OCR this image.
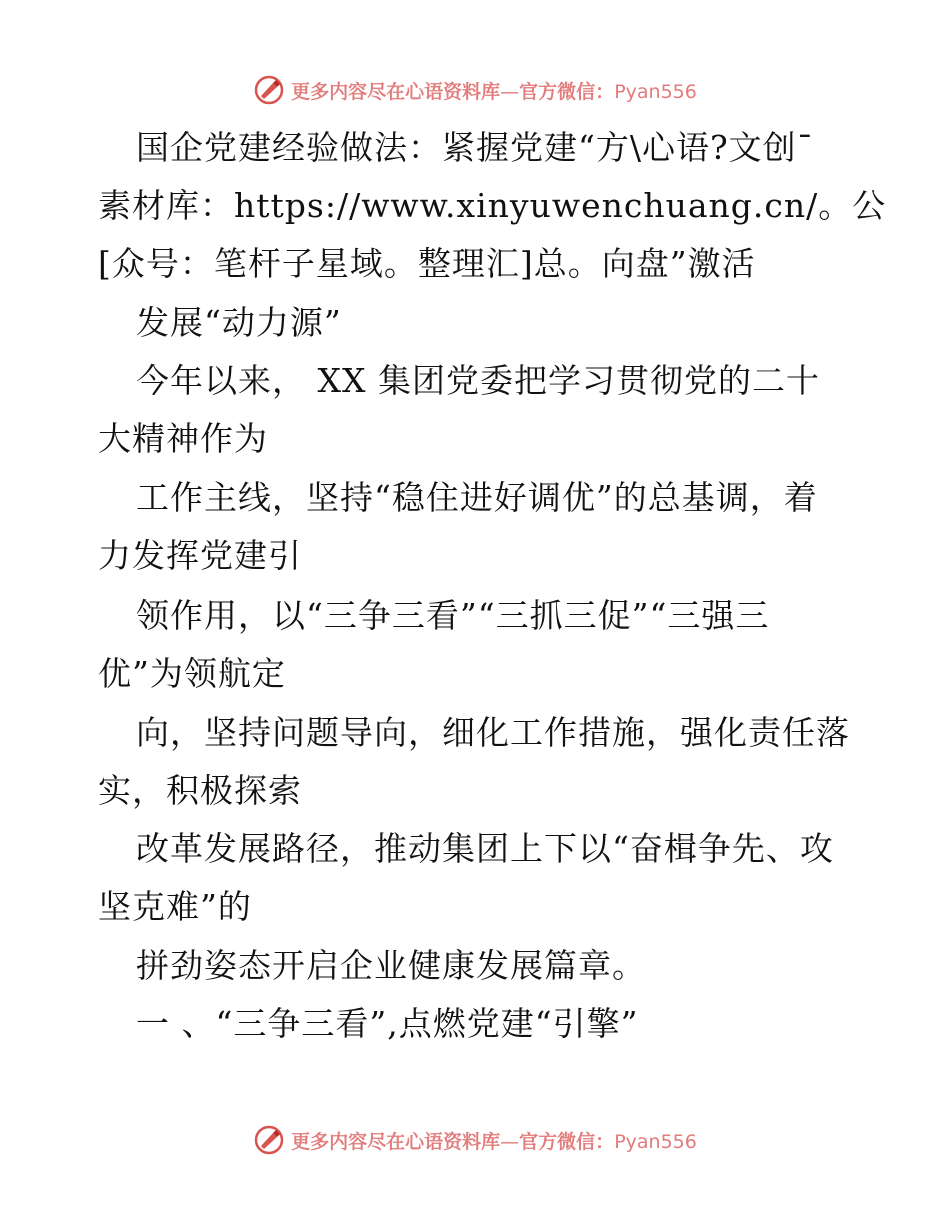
更多内容尽在心语资料库—官方微信：Pyan556
国企党建经验做法：紧握党建“方\心语?文创¯
素材库：https://www.xinyuwenchuang.cn/。公
[众号：笔杆子星域。整理汇]总。向盘”激活
发展“动力源”
今年以来， XX 集团党委把学习贯彻党的二十
大精神作为
工作主线，坚持“稳住进好调优”的总基调，着
力发挥党建引
领作用，以“三争三看”“三抓三促”“三强三
优”为领航定
向，坚持问题导向，细化工作措施，强化责任落
实，积极探索
改革发展路径，推动集团上下以“奋楫争先、攻
坚克难”的
拼劲姿态开启企业健康发展篇章。
一 、“三争三看”,点燃党建“引擎”
更多内容尽在心语资料库—官方微信：Pyan556
